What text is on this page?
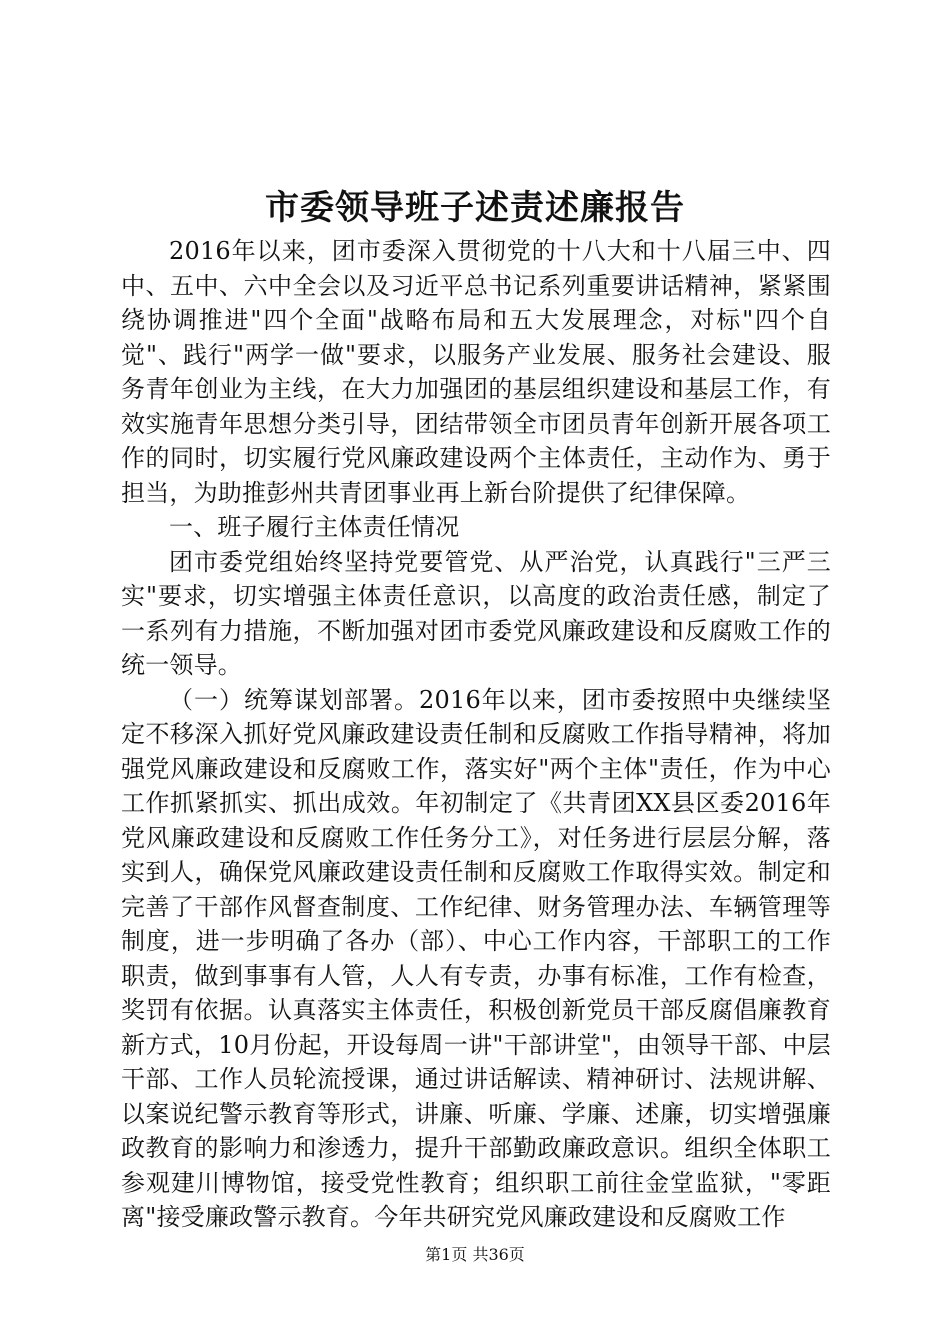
市委领导班子述责述廉报告

2016年以来，团市委深入贯彻党的十八大和十八届三中、四中、五中、六中全会以及习近平总书记系列重要讲话精神，紧紧围绕协调推进"四个全面"战略布局和五大发展理念，对标"四个自觉"、践行"两学一做"要求，以服务产业发展、服务社会建设、服务青年创业为主线，在大力加强团的基层组织建设和基层工作，有效实施青年思想分类引导，团结带领全市团员青年创新开展各项工作的同时，切实履行党风廉政建设两个主体责任，主动作为、勇于担当，为助推彭州共青团事业再上新台阶提供了纪律保障。

一、班子履行主体责任情况

团市委党组始终坚持党要管党、从严治党，认真践行"三严三实"要求，切实增强主体责任意识，以高度的政治责任感，制定了一系列有力措施，不断加强对团市委党风廉政建设和反腐败工作的统一领导。

（一）统筹谋划部署。2016年以来，团市委按照中央继续坚定不移深入抓好党风廉政建设责任制和反腐败工作指导精神，将加强党风廉政建设和反腐败工作，落实好"两个主体"责任，作为中心工作抓紧抓实、抓出成效。年初制定了《共青团XX县区委2016年党风廉政建设和反腐败工作任务分工》，对任务进行层层分解，落实到人，确保党风廉政建设责任制和反腐败工作取得实效。制定和完善了干部作风督查制度、工作纪律、财务管理办法、车辆管理等制度，进一步明确了各办（部）、中心工作内容，干部职工的工作职责，做到事事有人管，人人有专责，办事有标准，工作有检查，奖罚有依据。认真落实主体责任，积极创新党员干部反腐倡廉教育新方式，10月份起，开设每周一讲"干部讲堂"，由领导干部、中层干部、工作人员轮流授课，通过讲话解读、精神研讨、法规讲解、以案说纪警示教育等形式，讲廉、听廉、学廉、述廉，切实增强廉政教育的影响力和渗透力，提升干部勤政廉政意识。组织全体职工参观建川博物馆，接受党性教育；组织职工前往金堂监狱，"零距离"接受廉政警示教育。今年共研究党风廉政建设和反腐败工作

第1页 共36页
